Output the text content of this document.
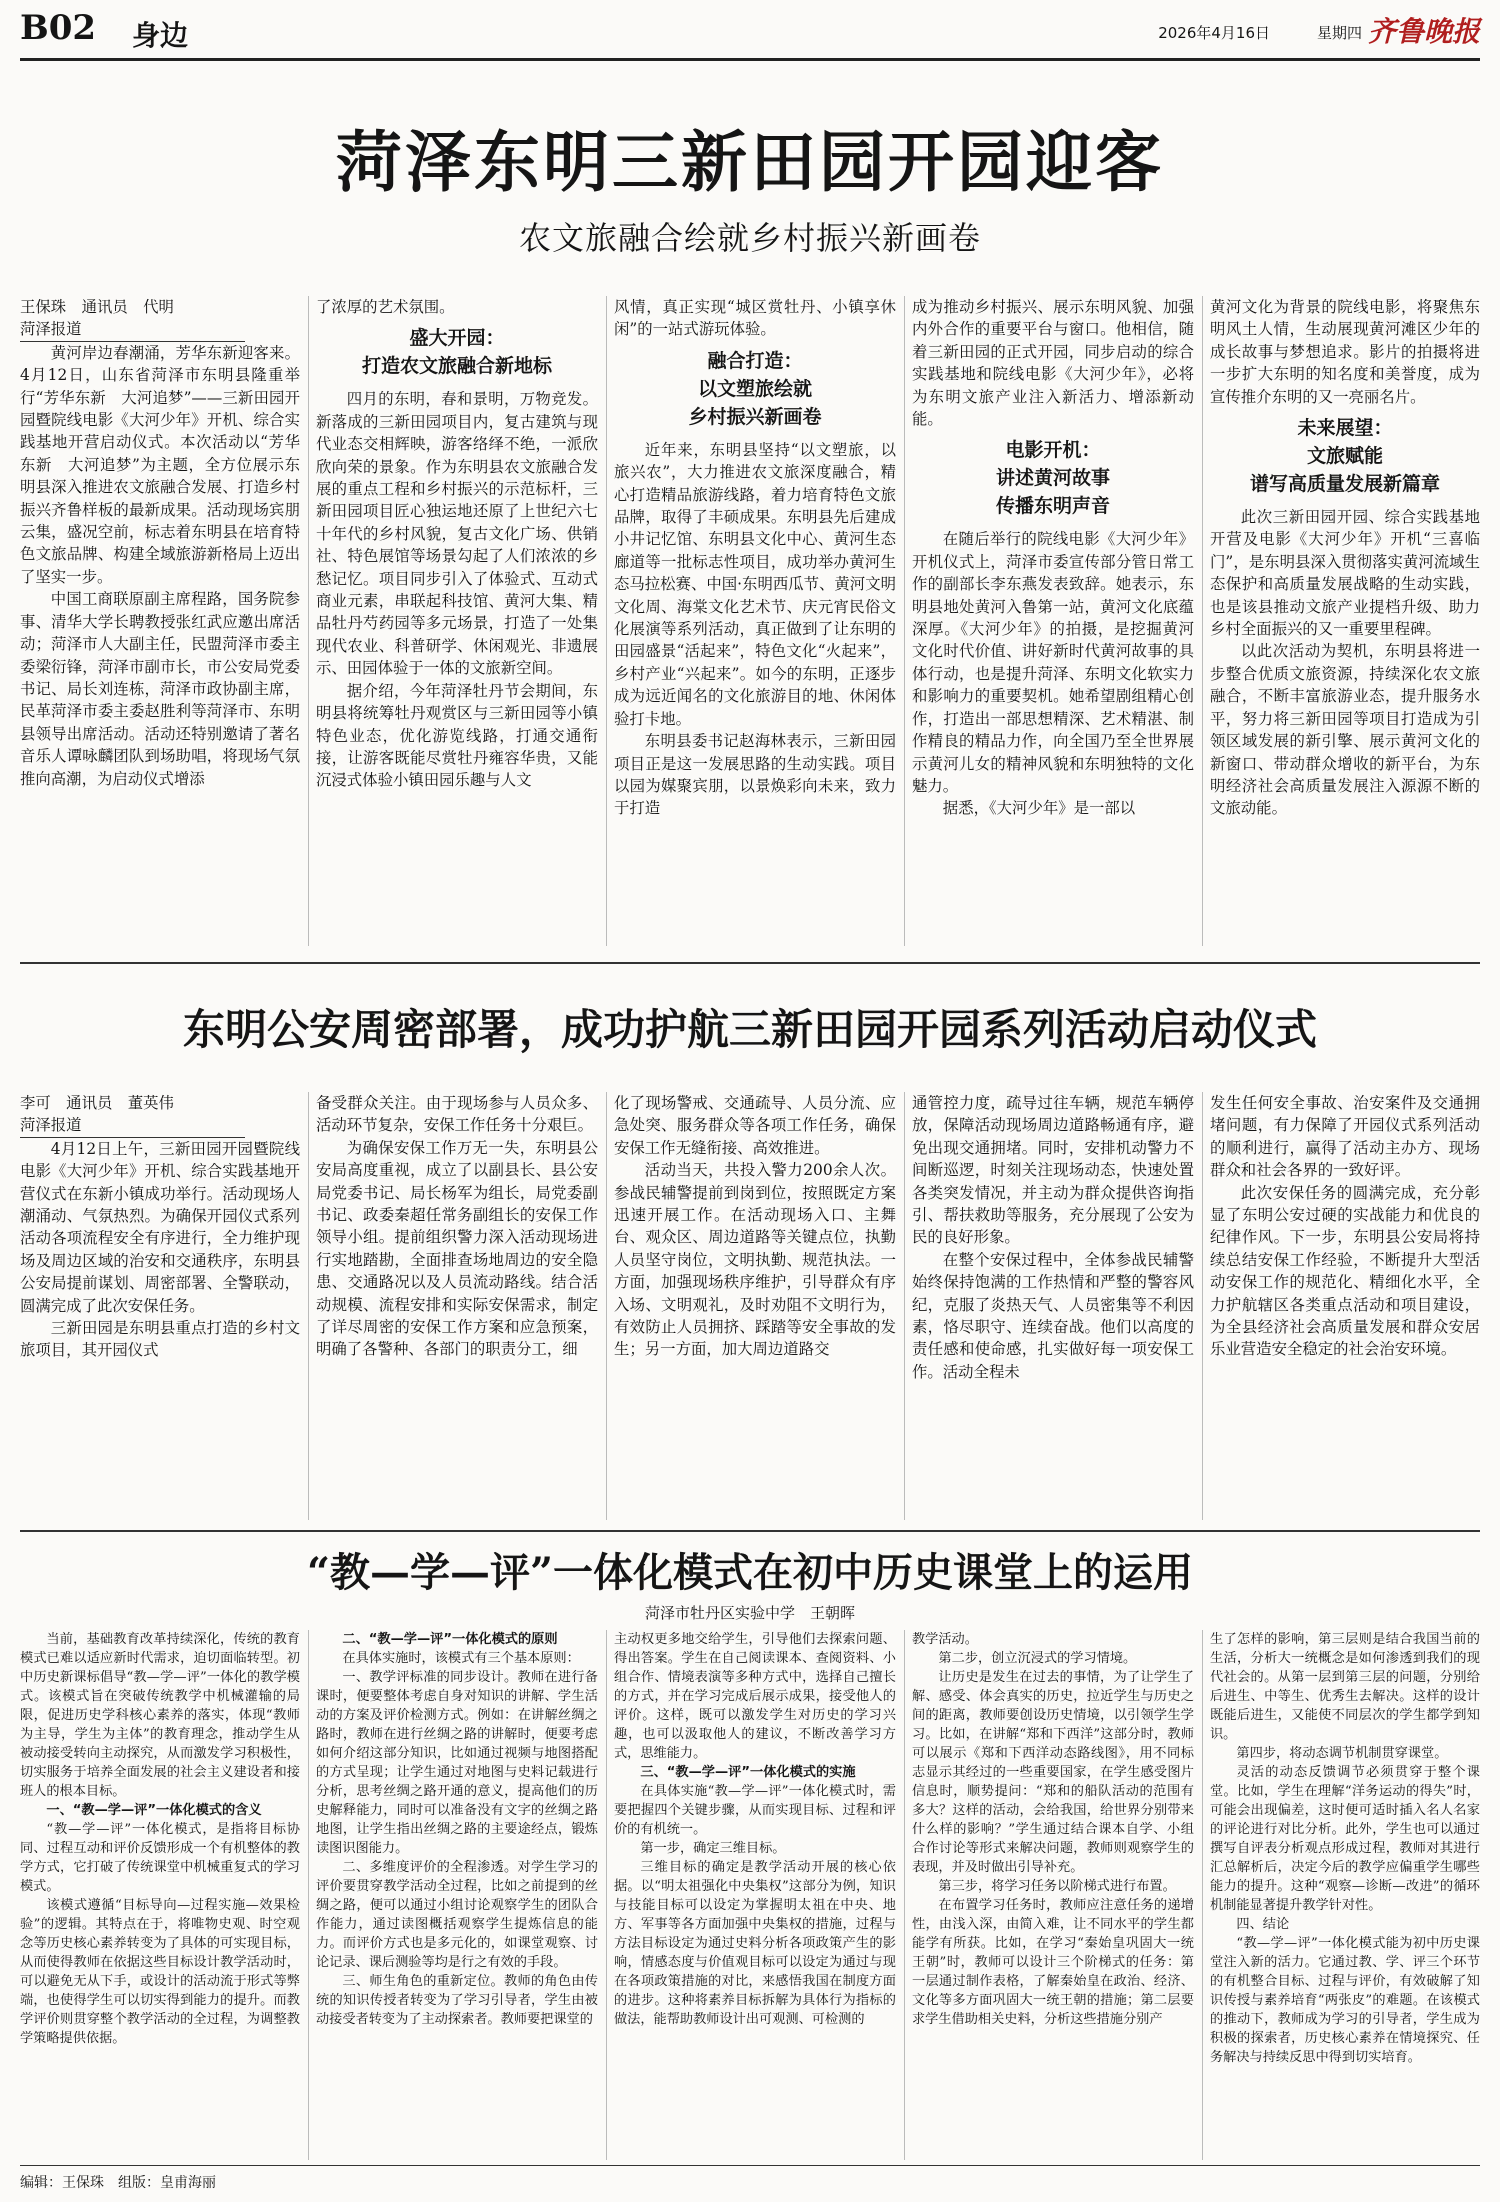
B02 身边	2026年4月16日	星期四 齐鲁晚报
菏泽东明三新田园开园迎客
农文旅融合绘就乡村振兴新画卷

王保珠　通讯员　代明

菏泽报道

黄河岸边春潮涌，芳华东新迎客来。4月12日，山东省菏泽市东明县隆重举行“芳华东新　大河追梦”——三新田园开园暨院线电影《大河少年》开机、综合实践基地开营启动仪式。本次活动以“芳华东新　大河追梦”为主题，全方位展示东明县深入推进农文旅融合发展、打造乡村振兴齐鲁样板的最新成果。活动现场宾朋云集，盛况空前，标志着东明县在培育特色文旅品牌、构建全域旅游新格局上迈出了坚实一步。

中国工商联原副主席程路，国务院参事、清华大学长聘教授张红武应邀出席活动；菏泽市人大副主任，民盟菏泽市委主委梁衍锋，菏泽市副市长，市公安局党委书记、局长刘连栋，菏泽市政协副主席，民革菏泽市委主委赵胜利等菏泽市、东明县领导出席活动。活动还特别邀请了著名音乐人谭咏麟团队到场助唱，将现场气氛推向高潮，为启动仪式增添

了浓厚的艺术氛围。

盛大开园：
打造农文旅融合新地标

四月的东明，春和景明，万物竞发。新落成的三新田园项目内，复古建筑与现代业态交相辉映，游客络绎不绝，一派欣欣向荣的景象。作为东明县农文旅融合发展的重点工程和乡村振兴的示范标杆，三新田园项目匠心独运地还原了上世纪六七十年代的乡村风貌，复古文化广场、供销社、特色展馆等场景勾起了人们浓浓的乡愁记忆。项目同步引入了体验式、互动式商业元素，串联起科技馆、黄河大集、精品牡丹芍药园等多元场景，打造了一处集现代农业、科普研学、休闲观光、非遗展示、田园体验于一体的文旅新空间。

据介绍，今年菏泽牡丹节会期间，东明县将统筹牡丹观赏区与三新田园等小镇特色业态，优化游览线路，打通交通衔接，让游客既能尽赏牡丹雍容华贵，又能沉浸式体验小镇田园乐趣与人文

风情，真正实现“城区赏牡丹、小镇享休闲”的一站式游玩体验。

融合打造：
以文塑旅绘就
乡村振兴新画卷

近年来，东明县坚持“以文塑旅，以旅兴农”，大力推进农文旅深度融合，精心打造精品旅游线路，着力培育特色文旅品牌，取得了丰硕成果。东明县先后建成小井记忆馆、东明县文化中心、黄河生态廊道等一批标志性项目，成功举办黄河生态马拉松赛、中国·东明西瓜节、黄河文明文化周、海棠文化艺术节、庆元宵民俗文化展演等系列活动，真正做到了让东明的田园盛景“活起来”，特色文化“火起来”，乡村产业“兴起来”。如今的东明，正逐步成为远近闻名的文化旅游目的地、休闲体验打卡地。

东明县委书记赵海林表示，三新田园项目正是这一发展思路的生动实践。项目以园为媒聚宾朋，以景焕彩向未来，致力于打造

成为推动乡村振兴、展示东明风貌、加强内外合作的重要平台与窗口。他相信，随着三新田园的正式开园，同步启动的综合实践基地和院线电影《大河少年》，必将为东明文旅产业注入新活力、增添新动能。

电影开机：
讲述黄河故事
传播东明声音

在随后举行的院线电影《大河少年》开机仪式上，菏泽市委宣传部分管日常工作的副部长李东燕发表致辞。她表示，东明县地处黄河入鲁第一站，黄河文化底蕴深厚。《大河少年》的拍摄，是挖掘黄河文化时代价值、讲好新时代黄河故事的具体行动，也是提升菏泽、东明文化软实力和影响力的重要契机。她希望剧组精心创作，打造出一部思想精深、艺术精湛、制作精良的精品力作，向全国乃至全世界展示黄河儿女的精神风貌和东明独特的文化魅力。

据悉，《大河少年》是一部以

黄河文化为背景的院线电影，将聚焦东明风土人情，生动展现黄河滩区少年的成长故事与梦想追求。影片的拍摄将进一步扩大东明的知名度和美誉度，成为宣传推介东明的又一亮丽名片。

未来展望：
文旅赋能
谱写高质量发展新篇章

此次三新田园开园、综合实践基地开营及电影《大河少年》开机“三喜临门”，是东明县深入贯彻落实黄河流域生态保护和高质量发展战略的生动实践，也是该县推动文旅产业提档升级、助力乡村全面振兴的又一重要里程碑。

以此次活动为契机，东明县将进一步整合优质文旅资源，持续深化农文旅融合，不断丰富旅游业态，提升服务水平，努力将三新田园等项目打造成为引领区域发展的新引擎、展示黄河文化的新窗口、带动群众增收的新平台，为东明经济社会高质量发展注入源源不断的文旅动能。

东明公安周密部署，成功护航三新田园开园系列活动启动仪式

李可　通讯员　董英伟

菏泽报道

4月12日上午，三新田园开园暨院线电影《大河少年》开机、综合实践基地开营仪式在东新小镇成功举行。活动现场人潮涌动、气氛热烈。为确保开园仪式系列活动各项流程安全有序进行，全力维护现场及周边区域的治安和交通秩序，东明县公安局提前谋划、周密部署、全警联动，圆满完成了此次安保任务。

三新田园是东明县重点打造的乡村文旅项目，其开园仪式

备受群众关注。由于现场参与人员众多、活动环节复杂，安保工作任务十分艰巨。

为确保安保工作万无一失，东明县公安局高度重视，成立了以副县长、县公安局党委书记、局长杨军为组长，局党委副书记、政委秦超任常务副组长的安保工作领导小组。提前组织警力深入活动现场进行实地踏勘，全面排查场地周边的安全隐患、交通路况以及人员流动路线。结合活动规模、流程安排和实际安保需求，制定了详尽周密的安保工作方案和应急预案，明确了各警种、各部门的职责分工，细

化了现场警戒、交通疏导、人员分流、应急处突、服务群众等各项工作任务，确保安保工作无缝衔接、高效推进。

活动当天，共投入警力200余人次。参战民辅警提前到岗到位，按照既定方案迅速开展工作。在活动现场入口、主舞台、观众区、周边道路等关键点位，执勤人员坚守岗位，文明执勤、规范执法。一方面，加强现场秩序维护，引导群众有序入场、文明观礼，及时劝阻不文明行为，有效防止人员拥挤、踩踏等安全事故的发生；另一方面，加大周边道路交

通管控力度，疏导过往车辆，规范车辆停放，保障活动现场周边道路畅通有序，避免出现交通拥堵。同时，安排机动警力不间断巡逻，时刻关注现场动态，快速处置各类突发情况，并主动为群众提供咨询指引、帮扶救助等服务，充分展现了公安为民的良好形象。

在整个安保过程中，全体参战民辅警始终保持饱满的工作热情和严整的警容风纪，克服了炎热天气、人员密集等不利因素，恪尽职守、连续奋战。他们以高度的责任感和使命感，扎实做好每一项安保工作。活动全程未

发生任何安全事故、治安案件及交通拥堵问题，有力保障了开园仪式系列活动的顺利进行，赢得了活动主办方、现场群众和社会各界的一致好评。

此次安保任务的圆满完成，充分彰显了东明公安过硬的实战能力和优良的纪律作风。下一步，东明县公安局将持续总结安保工作经验，不断提升大型活动安保工作的规范化、精细化水平，全力护航辖区各类重点活动和项目建设，为全县经济社会高质量发展和群众安居乐业营造安全稳定的社会治安环境。

“教—学—评”一体化模式在初中历史课堂上的运用
菏泽市牡丹区实验中学　王朝晖

当前，基础教育改革持续深化，传统的教育模式已难以适应新时代需求，迫切面临转型。初中历史新课标倡导“教—学—评”一体化的教学模式。该模式旨在突破传统教学中机械灌输的局限，促进历史学科核心素养的落实，体现“教师为主导，学生为主体”的教育理念，推动学生从被动接受转向主动探究，从而激发学习积极性，切实服务于培养全面发展的社会主义建设者和接班人的根本目标。

一、“教—学—评”一体化模式的含义

“教—学—评”一体化模式，是指将目标协同、过程互动和评价反馈形成一个有机整体的教学方式，它打破了传统课堂中机械重复式的学习模式。

该模式遵循“目标导向—过程实施—效果检验”的逻辑。其特点在于，将唯物史观、时空观念等历史核心素养转变为了具体的可实现目标，从而使得教师在依据这些目标设计教学活动时，可以避免无从下手，或设计的活动流于形式等弊端，也使得学生可以切实得到能力的提升。而教学评价则贯穿整个教学活动的全过程，为调整教学策略提供依据。

二、“教—学—评”一体化模式的原则

在具体实施时，该模式有三个基本原则：

一、教学评标准的同步设计。教师在进行备课时，便要整体考虑自身对知识的讲解、学生活动的方案及评价检测方式。例如：在讲解丝绸之路时，教师在进行丝绸之路的讲解时，便要考虑如何介绍这部分知识，比如通过视频与地图搭配的方式呈现；让学生通过对地图与史料记载进行分析，思考丝绸之路开通的意义，提高他们的历史解释能力，同时可以准备没有文字的丝绸之路地图，让学生指出丝绸之路的主要途经点，锻炼读图识图能力。

二、多维度评价的全程渗透。对学生学习的评价要贯穿教学活动全过程，比如之前提到的丝绸之路，便可以通过小组讨论观察学生的团队合作能力，通过读图概括观察学生提炼信息的能力。而评价方式也是多元化的，如课堂观察、讨论记录、课后测验等均是行之有效的手段。

三、师生角色的重新定位。教师的角色由传统的知识传授者转变为了学习引导者，学生由被动接受者转变为了主动探索者。教师要把课堂的

主动权更多地交给学生，引导他们去探索问题、得出答案。学生在自己阅读课本、查阅资料、小组合作、情境表演等多种方式中，选择自己擅长的方式，并在学习完成后展示成果，接受他人的评价。这样，既可以激发学生对历史的学习兴趣，也可以汲取他人的建议，不断改善学习方式，思维能力。

三、“教—学—评”一体化模式的实施

在具体实施“教—学—评”一体化模式时，需要把握四个关键步骤，从而实现目标、过程和评价的有机统一。

第一步，确定三维目标。

三维目标的确定是教学活动开展的核心依据。以“明太祖强化中央集权”这部分为例，知识与技能目标可以设定为掌握明太祖在中央、地方、军事等各方面加强中央集权的措施，过程与方法目标设定为通过史料分析各项政策产生的影响，情感态度与价值观目标可以设定为通过与现在各项政策措施的对比，来感悟我国在制度方面的进步。这种将素养目标拆解为具体行为指标的做法，能帮助教师设计出可观测、可检测的

教学活动。

第二步，创立沉浸式的学习情境。

让历史是发生在过去的事情，为了让学生了解、感受、体会真实的历史，拉近学生与历史之间的距离，教师要创设历史情境，以引领学生学习。比如，在讲解“郑和下西洋”这部分时，教师可以展示《郑和下西洋动态路线图》，用不同标志显示其经过的一些重要国家，在学生感受图片信息时，顺势提问：“郑和的船队活动的范围有多大？这样的活动，会给我国，给世界分别带来什么样的影响？”学生通过结合课本自学、小组合作讨论等形式来解决问题，教师则观察学生的表现，并及时做出引导补充。

第三步，将学习任务以阶梯式进行布置。

在布置学习任务时，教师应注意任务的递增性，由浅入深，由简入难，让不同水平的学生都能学有所获。比如，在学习“秦始皇巩固大一统王朝”时，教师可以设计三个阶梯式的任务：第一层通过制作表格，了解秦始皇在政治、经济、文化等多方面巩固大一统王朝的措施；第二层要求学生借助相关史料，分析这些措施分别产

生了怎样的影响，第三层则是结合我国当前的生活，分析大一统概念是如何渗透到我们的现代社会的。从第一层到第三层的问题，分别给后进生、中等生、优秀生去解决。这样的设计既能后进生，又能使不同层次的学生都学到知识。

第四步，将动态调节机制贯穿课堂。

灵活的动态反馈调节必须贯穿于整个课堂。比如，学生在理解“洋务运动的得失”时，可能会出现偏差，这时便可适时插入名人名家的评论进行对比分析。此外，学生也可以通过撰写自评表分析观点形成过程，教师对其进行汇总解析后，决定今后的教学应偏重学生哪些能力的提升。这种“观察—诊断—改进”的循环机制能显著提升教学针对性。

四、结论

“教—学—评”一体化模式能为初中历史课堂注入新的活力。它通过教、学、评三个环节的有机整合目标、过程与评价，有效破解了知识传授与素养培育“两张皮”的难题。在该模式的推动下，教师成为学习的引导者，学生成为积极的探索者，历史核心素养在情境探究、任务解决与持续反思中得到切实培育。

编辑：王保珠　组版：皇甫海丽
